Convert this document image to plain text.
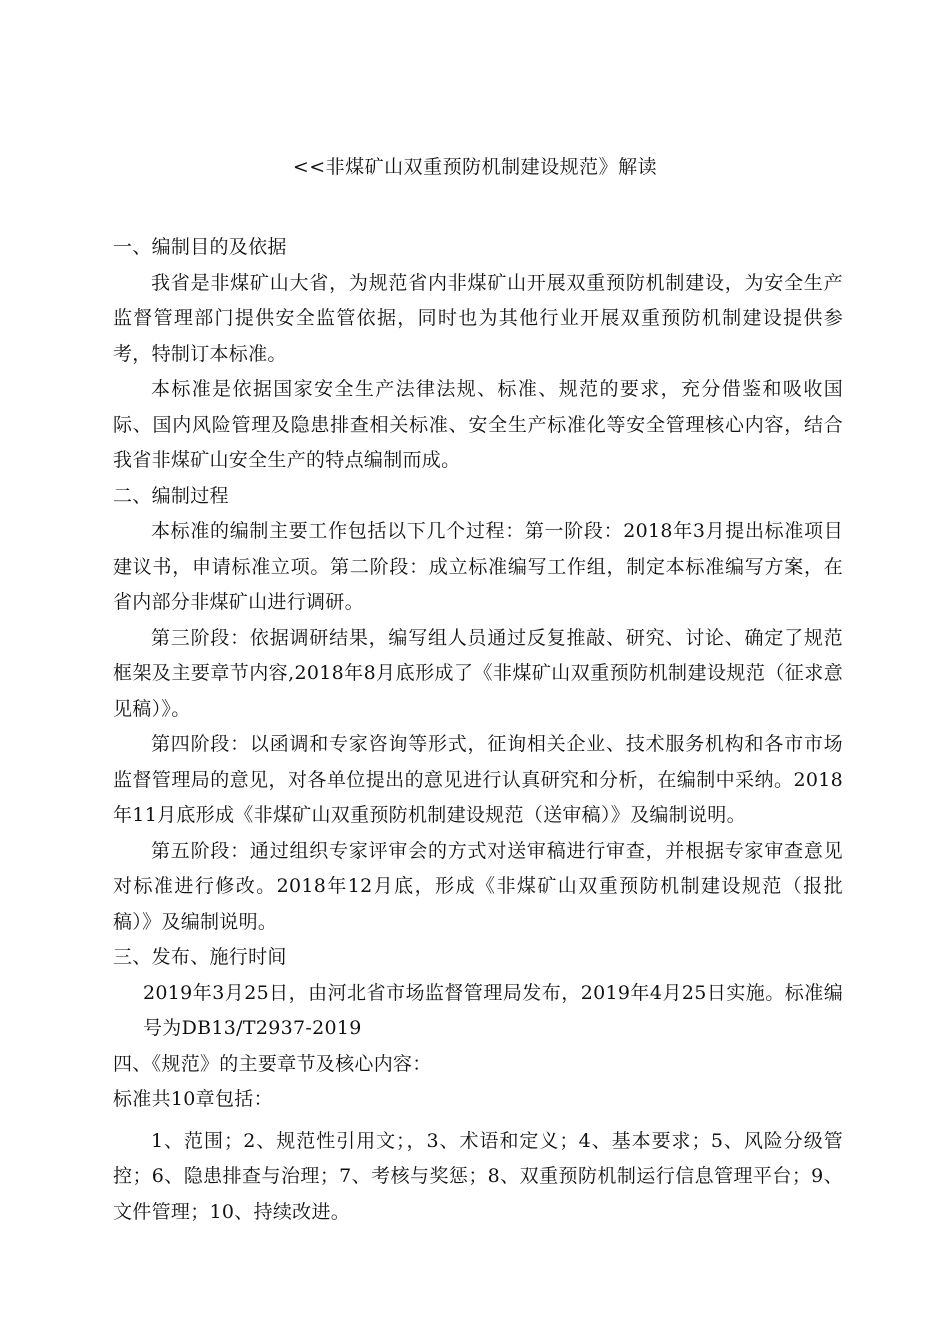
<<非煤矿山双重预防机制建设规范》解读

一、编制目的及依据

我省是非煤矿山大省，为规范省内非煤矿山开展双重预防机制建设，为安全生产监督管理部门提供安全监管依据，同时也为其他行业开展双重预防机制建设提供参考，特制订本标准。

本标准是依据国家安全生产法律法规、标准、规范的要求，充分借鉴和吸收国际、国内风险管理及隐患排查相关标准、安全生产标准化等安全管理核心内容，结合我省非煤矿山安全生产的特点编制而成。

二、编制过程

本标准的编制主要工作包括以下几个过程：第一阶段：2018年3月提出标准项目建议书，申请标准立项。第二阶段：成立标准编写工作组，制定本标准编写方案，在省内部分非煤矿山进行调研。

第三阶段：依据调研结果，编写组人员通过反复推敲、研究、讨论、确定了规范框架及主要章节内容,2018年8月底形成了《非煤矿山双重预防机制建设规范（征求意见稿）》。

第四阶段：以函调和专家咨询等形式，征询相关企业、技术服务机构和各市市场监督管理局的意见，对各单位提出的意见进行认真研究和分析，在编制中采纳。2018年11月底形成《非煤矿山双重预防机制建设规范（送审稿）》及编制说明。

第五阶段：通过组织专家评审会的方式对送审稿进行审查，并根据专家审查意见对标准进行修改。2018年12月底，形成《非煤矿山双重预防机制建设规范（报批稿）》及编制说明。

三、发布、施行时间

2019年3月25日，由河北省市场监督管理局发布，2019年4月25日实施。标准编号为DB13/T2937-2019

四、《规范》的主要章节及核心内容：

标准共10章包括：

1、范围；2、规范性引用文；，3、术语和定义；4、基本要求；5、风险分级管控；6、隐患排查与治理；7、考核与奖惩；8、双重预防机制运行信息管理平台；9、文件管理；10、持续改进。
